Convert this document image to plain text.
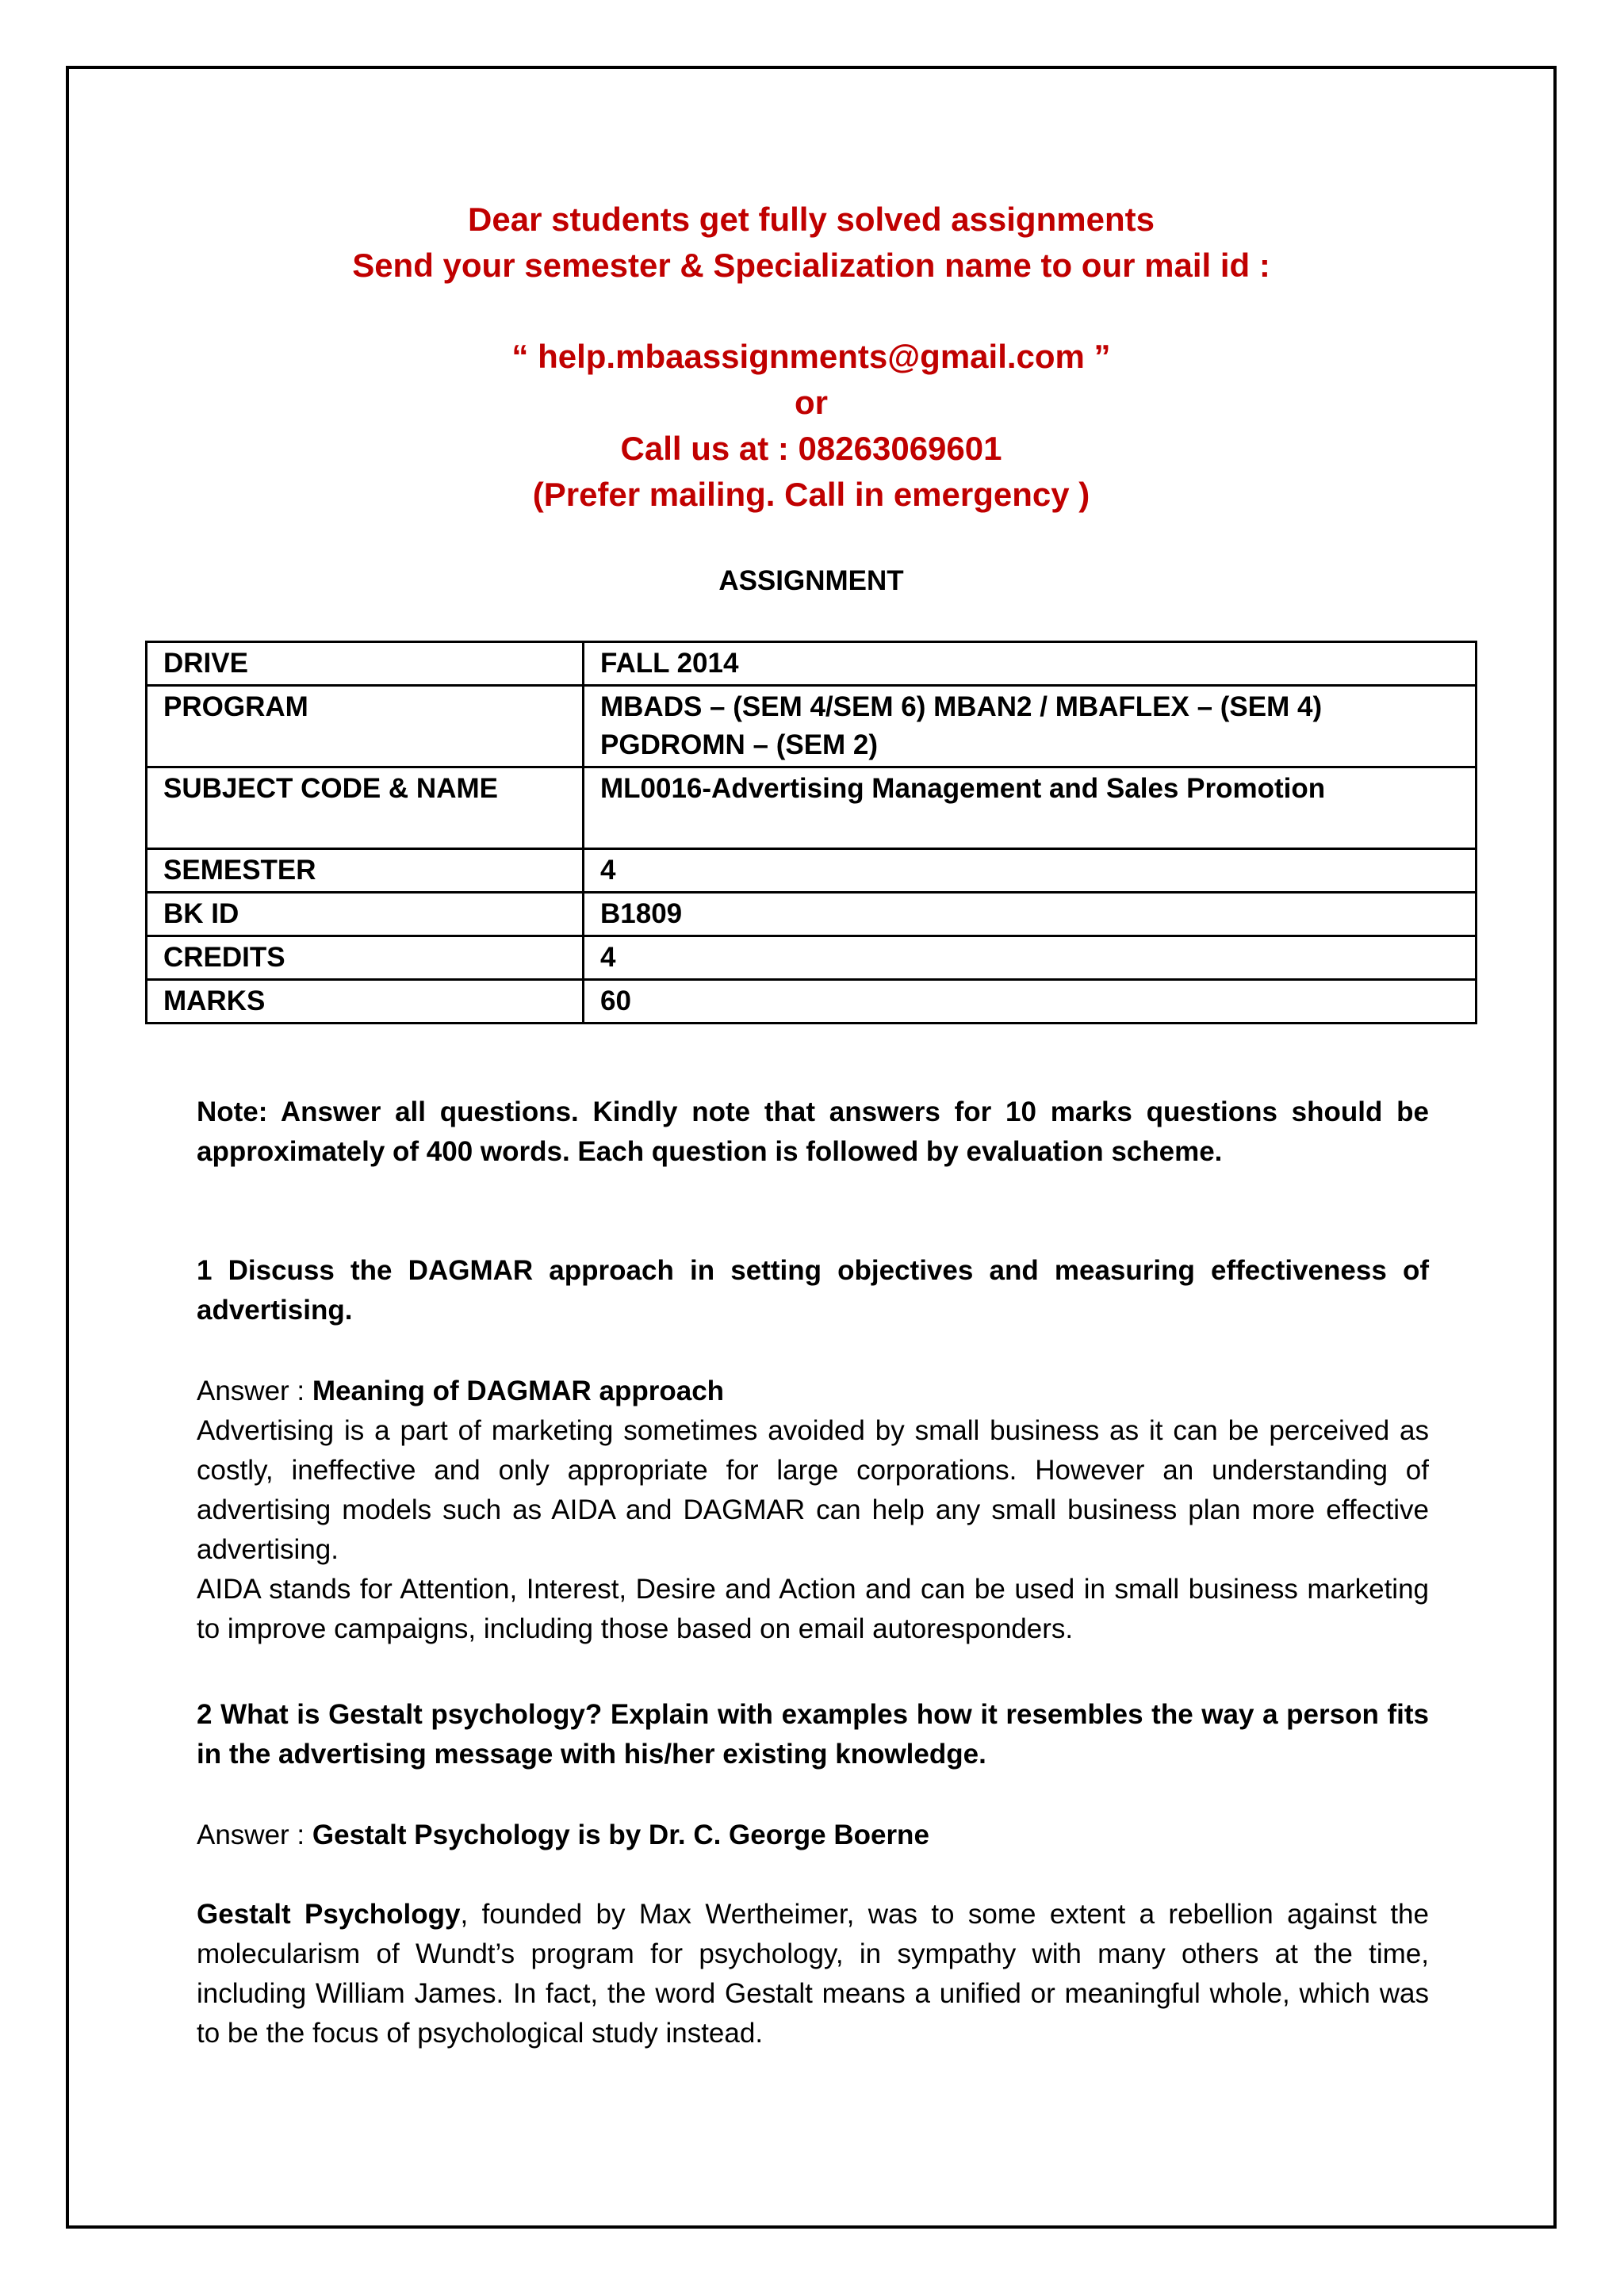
Dear students get fully solved assignments
Send your semester & Specialization name to our mail id :
“ help.mbaassignments@gmail.com ”
or
Call us at : 08263069601
(Prefer mailing. Call in emergency )
ASSIGNMENT
DRIVE	FALL 2014
PROGRAM	MBADS – (SEM 4/SEM 6) MBAN2 / MBAFLEX – (SEM 4) PGDROMN – (SEM 2)
SUBJECT CODE & NAME	ML0016-Advertising Management and Sales Promotion
SEMESTER	4
BK ID	B1809
CREDITS	4
MARKS	60
Note: Answer all questions. Kindly note that answers for 10 marks questions should be approximately of 400 words. Each question is followed by evaluation scheme.
1 Discuss the DAGMAR approach in setting objectives and measuring effectiveness of advertising.
Answer : Meaning of DAGMAR approach
Advertising is a part of marketing sometimes avoided by small business as it can be perceived as costly, ineffective and only appropriate for large corporations. However an understanding of advertising models such as AIDA and DAGMAR can help any small business plan more effective advertising.
AIDA stands for Attention, Interest, Desire and Action and can be used in small business marketing to improve campaigns, including those based on email autoresponders.
2 What is Gestalt psychology? Explain with examples how it resembles the way a person fits in the advertising message with his/her existing knowledge.
Answer : Gestalt Psychology is by Dr. C. George Boerne
Gestalt Psychology, founded by Max Wertheimer, was to some extent a rebellion against the molecularism of Wundt’s program for psychology, in sympathy with many others at the time, including William James. In fact, the word Gestalt means a unified or meaningful whole, which was to be the focus of psychological study instead.
